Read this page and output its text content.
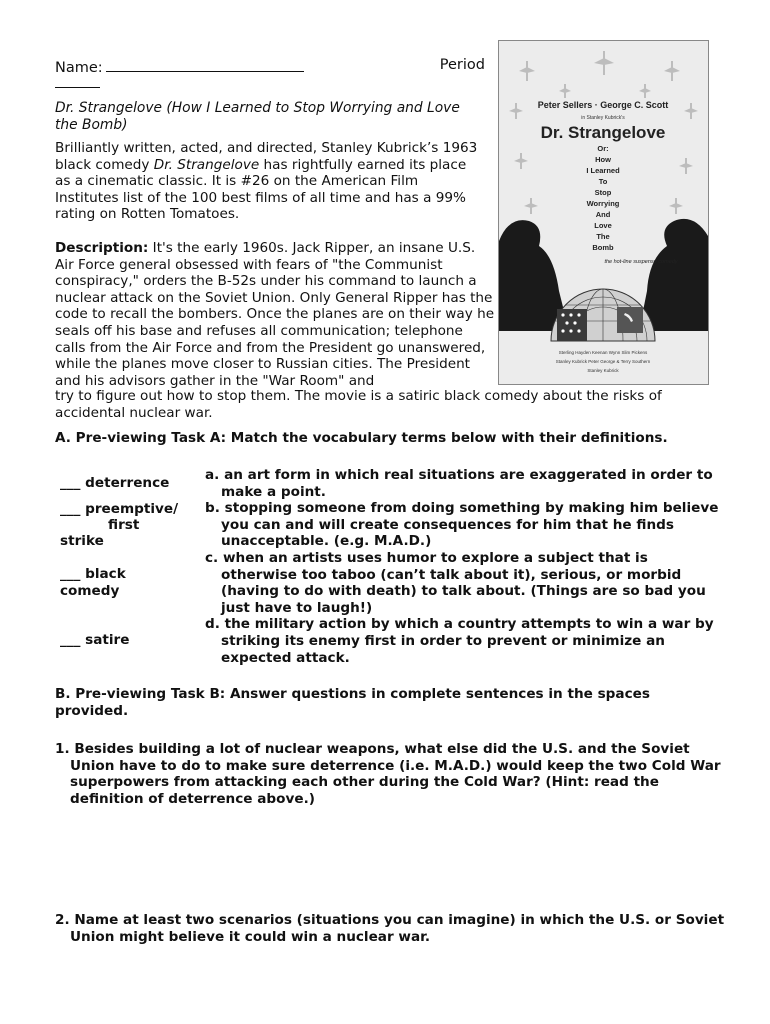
Name:	Period
Dr. Strangelove (How I Learned to Stop Worrying and Love the Bomb)
Brilliantly written, acted, and directed, Stanley Kubrick’s 1963 black comedy Dr. Strangelove has rightfully earned its place as a cinematic classic. It is #26 on the American Film Institutes list of the 100 best films of all time and has a 99% rating on Rotten Tomatoes.
Description: It's the early 1960s. Jack Ripper, an insane U.S. Air Force general obsessed with fears of "the Communist conspiracy," orders the B-52s under his command to launch a nuclear attack on the Soviet Union. Only General Ripper has the code to recall the bombers. Once the planes are on their way he seals off his base and refuses all communication; telephone calls from the Air Force and from the President go unanswered, while the planes move closer to Russian cities. The President and his advisors gather in the "War Room" and
try to figure out how to stop them. The movie is a satiric black comedy about the risks of accidental nuclear war.
Peter Sellers · George C. Scott
in Stanley Kubrick's
Dr. Strangelove
Or:
How
I Learned
To
Stop
Worrying
And
Love
The
Bomb
the hot-line suspense comedy
Sterling Hayden Keenan Wynn Slim Pickens
Stanley Kubrick Peter George & Terry Southern
Stanley Kubrick
A. Pre-viewing Task A: Match the vocabulary terms below with their definitions.
___ deterrence
___ preemptive/
first
strike
___ black
comedy
___ satire
a. an art form in which real situations are exaggerated in order to make a point.
b. stopping someone from doing something by making him believe you can and will create consequences for him that he finds unacceptable. (e.g. M.A.D.)
c. when an artists uses humor to explore a subject that is otherwise too taboo (can’t talk about it), serious, or morbid (having to do with death) to talk about. (Things are so bad you just have to laugh!)
d. the military action by which a country attempts to win a war by striking its enemy first in order to prevent or minimize an expected attack.
B. Pre-viewing Task B: Answer questions in complete sentences in the spaces provided.
1. Besides building a lot of nuclear weapons, what else did the U.S. and the Soviet Union have to do to make sure deterrence (i.e. M.A.D.) would keep the two Cold War superpowers from attacking each other during the Cold War? (Hint: read the definition of deterrence above.)
2. Name at least two scenarios (situations you can imagine) in which the U.S. or Soviet Union might believe it could win a nuclear war.
